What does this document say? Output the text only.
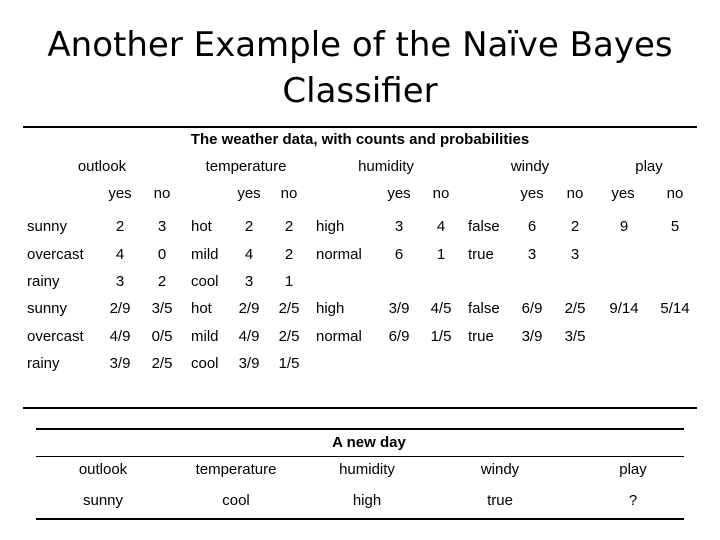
Another Example of the Naïve Bayes
Classifier
The weather data, with counts and probabilities
outlook	temperature	humidity	windy	play
yes no	yes no	yes no	yes no yes no
sunny	2 3 hot 2 2 high	3 4 false 6 2	9	5
overcast 4 0 mild 4 2 normal 6 1 true 3 3
rainy	3 2 cool 3 1
sunny	2/9 3/5 hot 2/9 2/5 high	3/9 4/5 false 6/9 2/5 9/14 5/14
overcast 4/9 0/5 mild 4/9 2/5 normal 6/9 1/5 true 3/9 3/5
rainy	3/9 2/5 cool 3/9 1/5
A new day
outlook	temperature	humidity	windy	play
sunny	cool	high	true	?
